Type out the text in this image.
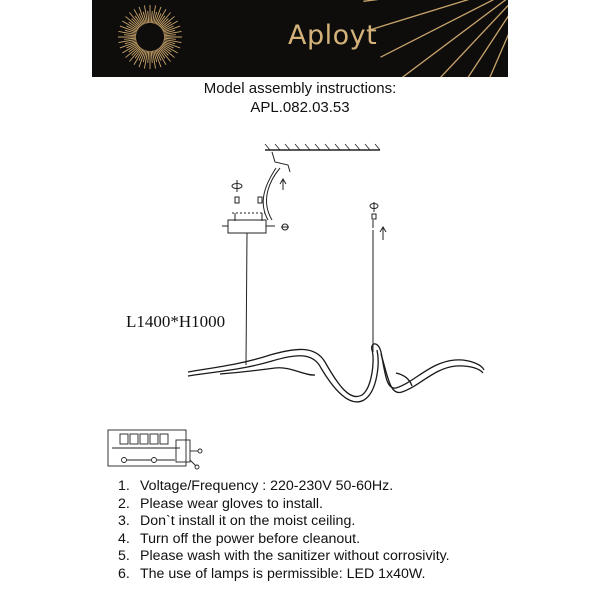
Aployt
Model assembly instructions:
APL.082.03.53
L1400*H1000
1. Voltage/Frequency : 220-230V 50-60Hz.
2. Please wear gloves to install.
3. Don`t install it on the moist ceiling.
4. Turn off the power before cleanout.
5. Please wash with the sanitizer without corrosivity.
6. The use of lamps is permissible: LED 1x40W.
